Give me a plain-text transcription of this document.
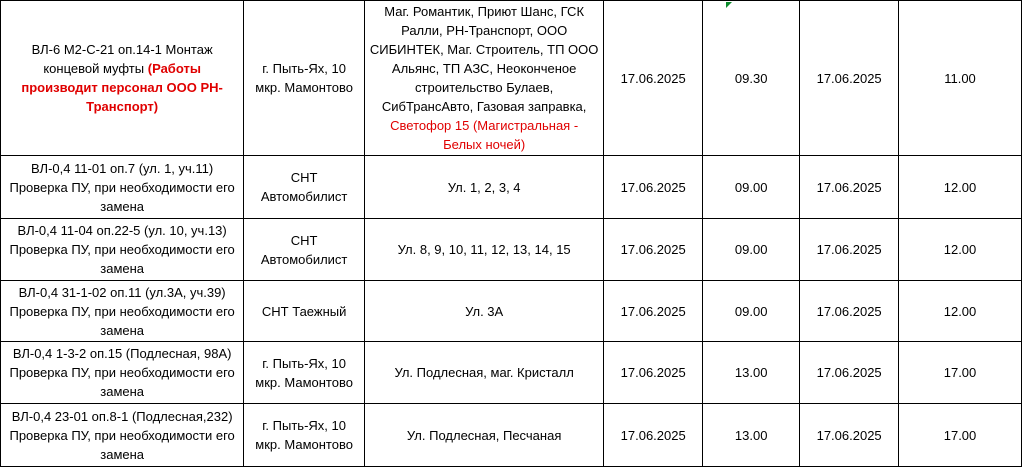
ВЛ-6 М2-С-21 оп.14-1 Монтаж концевой муфты (Работы производит персонал ООО РН-Транспорт)	г. Пыть-Ях, 10 мкр. Мамонтово	Маг. Романтик, Приют Шанс, ГСК Ралли, РН-Транспорт, ООО СИБИНТЕК, Маг. Строитель, ТП ООО Альянс, ТП АЗС, Неоконченое строительство Булаев, СибТрансАвто, Газовая заправка, Светофор 15 (Магистральная - Белых ночей)	17.06.2025	09.30	17.06.2025	11.00
ВЛ-0,4 11-01 оп.7 (ул. 1, уч.11) Проверка ПУ, при необходимости его замена	СНТ Автомобилист	Ул. 1, 2, 3, 4	17.06.2025	09.00	17.06.2025	12.00
ВЛ-0,4 11-04 оп.22-5 (ул. 10, уч.13) Проверка ПУ, при необходимости его замена	СНТ Автомобилист	Ул. 8, 9, 10, 11, 12, 13, 14, 15	17.06.2025	09.00	17.06.2025	12.00
ВЛ-0,4 31-1-02 оп.11 (ул.3А, уч.39) Проверка ПУ, при необходимости его замена	СНТ Таежный	Ул. 3А	17.06.2025	09.00	17.06.2025	12.00
ВЛ-0,4 1-3-2 оп.15 (Подлесная, 98А) Проверка ПУ, при необходимости его замена	г. Пыть-Ях, 10 мкр. Мамонтово	Ул. Подлесная, маг. Кристалл	17.06.2025	13.00	17.06.2025	17.00
ВЛ-0,4 23-01 оп.8-1 (Подлесная,232) Проверка ПУ, при необходимости его замена	г. Пыть-Ях, 10 мкр. Мамонтово	Ул. Подлесная, Песчаная	17.06.2025	13.00	17.06.2025	17.00
